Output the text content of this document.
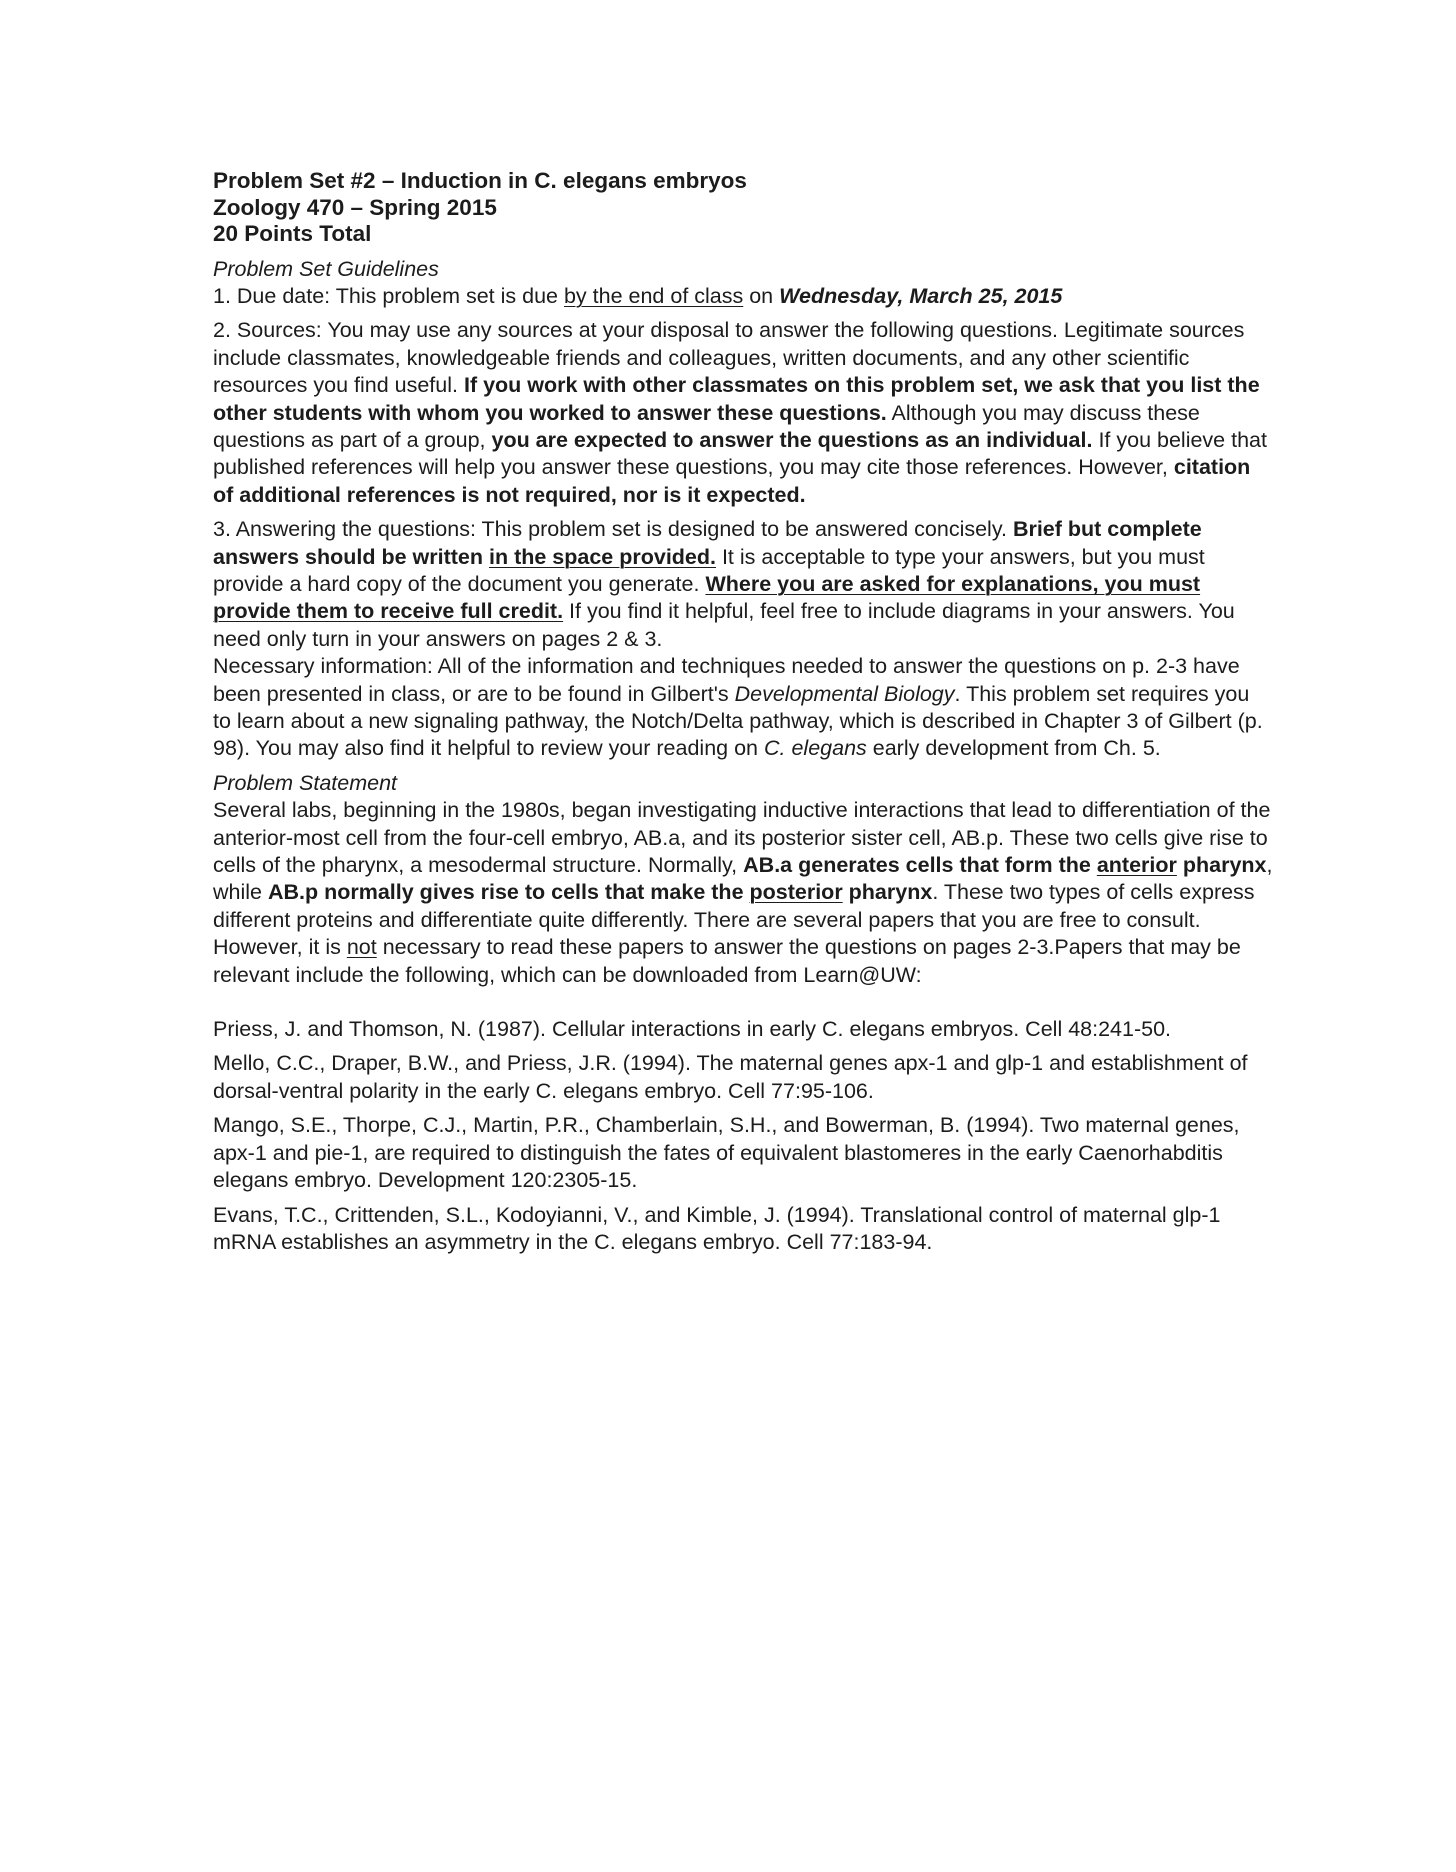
Problem Set #2 – Induction in C. elegans embryos

Zoology 470 – Spring 2015

20 Points Total

Problem Set Guidelines

1. Due date: This problem set is due by the end of class on Wednesday, March 25, 2015

2. Sources: You may use any sources at your disposal to answer the following questions. Legitimate sources include classmates, knowledgeable friends and colleagues, written documents, and any other scientific resources you find useful. If you work with other classmates on this problem set, we ask that you list the other students with whom you worked to answer these questions. Although you may discuss these questions as part of a group, you are expected to answer the questions as an individual. If you believe that published references will help you answer these questions, you may cite those references. However, citation of additional references is not required, nor is it expected.

3. Answering the questions: This problem set is designed to be answered concisely. Brief but complete answers should be written in the space provided. It is acceptable to type your answers, but you must provide a hard copy of the document you generate. Where you are asked for explanations, you must provide them to receive full credit. If you find it helpful, feel free to include diagrams in your answers. You need only turn in your answers on pages 2 & 3.

Necessary information: All of the information and techniques needed to answer the questions on p. 2-3 have been presented in class, or are to be found in Gilbert's Developmental Biology. This problem set requires you to learn about a new signaling pathway, the Notch/Delta pathway, which is described in Chapter 3 of Gilbert (p. 98). You may also find it helpful to review your reading on C. elegans early development from Ch. 5.

Problem Statement

Several labs, beginning in the 1980s, began investigating inductive interactions that lead to differentiation of the anterior-most cell from the four-cell embryo, AB.a, and its posterior sister cell, AB.p. These two cells give rise to cells of the pharynx, a mesodermal structure. Normally, AB.a generates cells that form the anterior pharynx, while AB.p normally gives rise to cells that make the posterior pharynx. These two types of cells express different proteins and differentiate quite differently. There are several papers that you are free to consult. However, it is not necessary to read these papers to answer the questions on pages 2-3.Papers that may be relevant include the following, which can be downloaded from Learn@UW:

Priess, J. and Thomson, N. (1987). Cellular interactions in early C. elegans embryos. Cell 48:241-50.

Mello, C.C., Draper, B.W., and Priess, J.R. (1994). The maternal genes apx-1 and glp-1 and establishment of dorsal-ventral polarity in the early C. elegans embryo. Cell 77:95-106.

Mango, S.E., Thorpe, C.J., Martin, P.R., Chamberlain, S.H., and Bowerman, B. (1994). Two maternal genes, apx-1 and pie-1, are required to distinguish the fates of equivalent blastomeres in the early Caenorhabditis elegans embryo. Development 120:2305-15.

Evans, T.C., Crittenden, S.L., Kodoyianni, V., and Kimble, J. (1994). Translational control of maternal glp-1 mRNA establishes an asymmetry in the C. elegans embryo. Cell 77:183-94.
